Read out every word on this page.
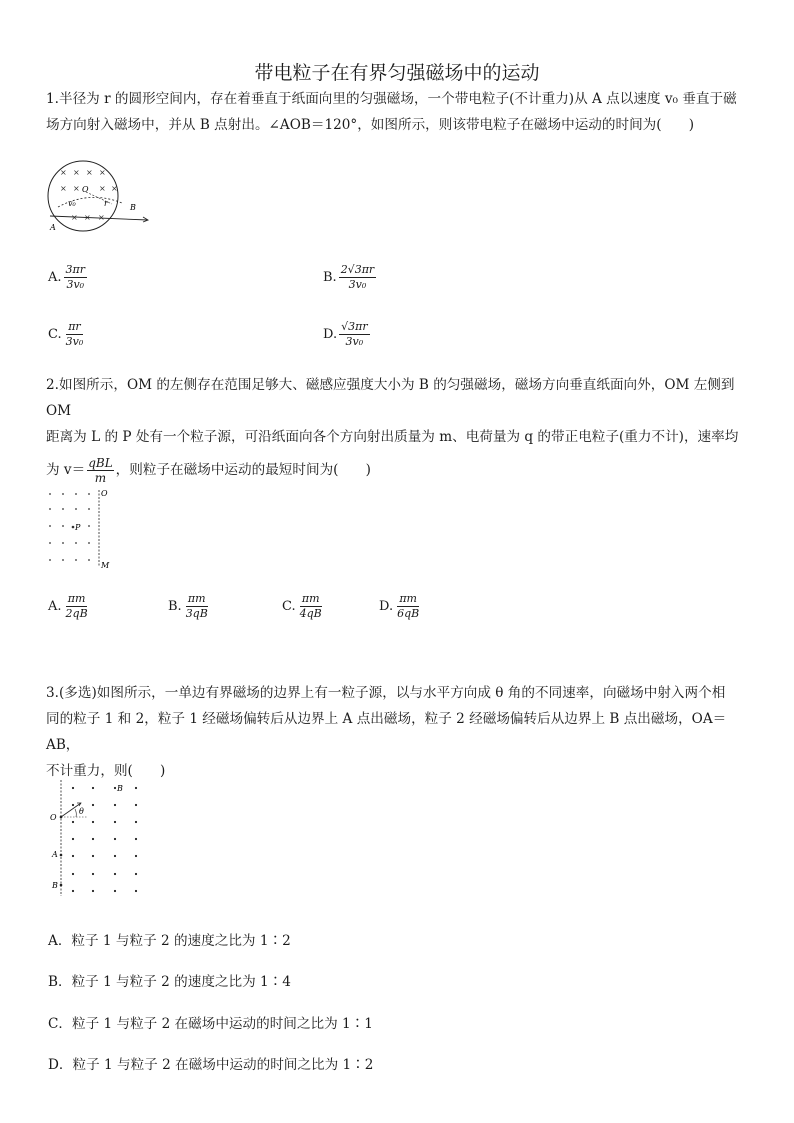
带电粒子在有界匀强磁场中的运动
1.半径为 r 的圆形空间内，存在着垂直于纸面向里的匀强磁场，一个带电粒子(不计重力)从 A 点以速度 v₀ 垂直于磁
场方向射入磁场中，并从 B 点射出。∠AOB＝120°，如图所示，则该带电粒子在磁场中运动的时间为(　　)
× × × ×
× × × ×
× × ×
O
A
B
v₀	r
A. $\frac{3\pi r}{\text{3v₀}}$	B. $\frac{2√3\pi r}{\text{3v₀}}$
C. $\frac{\pi r}{\text{3v₀}}$	D. $\frac{√3\pi r}{\text{3v₀}}$
2.如图所示，OM 的左侧存在范围足够大、磁感应强度大小为 B 的匀强磁场，磁场方向垂直纸面向外，OM 左侧到 OM
距离为 L 的 P 处有一个粒子源，可沿纸面向各个方向射出质量为 m、电荷量为 q 的带正电粒子(重力不计)，速率均
为 $v= \frac{\text{qBL}}{m}$ ，则粒子在磁场中运动的最短时间为(　　)
O
M
P
A. $\frac{\pi m}{2qB}$	B. $\frac{\pi m}{3qB}$	C. $\frac{\pi m}{4qB}$	D. $\frac{\pi m}{6qB}$
3.(多选)如图所示，一单边有界磁场的边界上有一粒子源，以与水平方向成 θ 角的不同速率，向磁场中射入两个相
同的粒子 1 和 2，粒子 1 经磁场偏转后从边界上 A 点出磁场，粒子 2 经磁场偏转后从边界上 B 点出磁场，OA＝AB，
不计重力，则(　　)
O
A
B
B
θ
A．粒子 1 与粒子 2 的速度之比为 1∶2
B．粒子 1 与粒子 2 的速度之比为 1∶4
C．粒子 1 与粒子 2 在磁场中运动的时间之比为 1∶1
D．粒子 1 与粒子 2 在磁场中运动的时间之比为 1∶2
